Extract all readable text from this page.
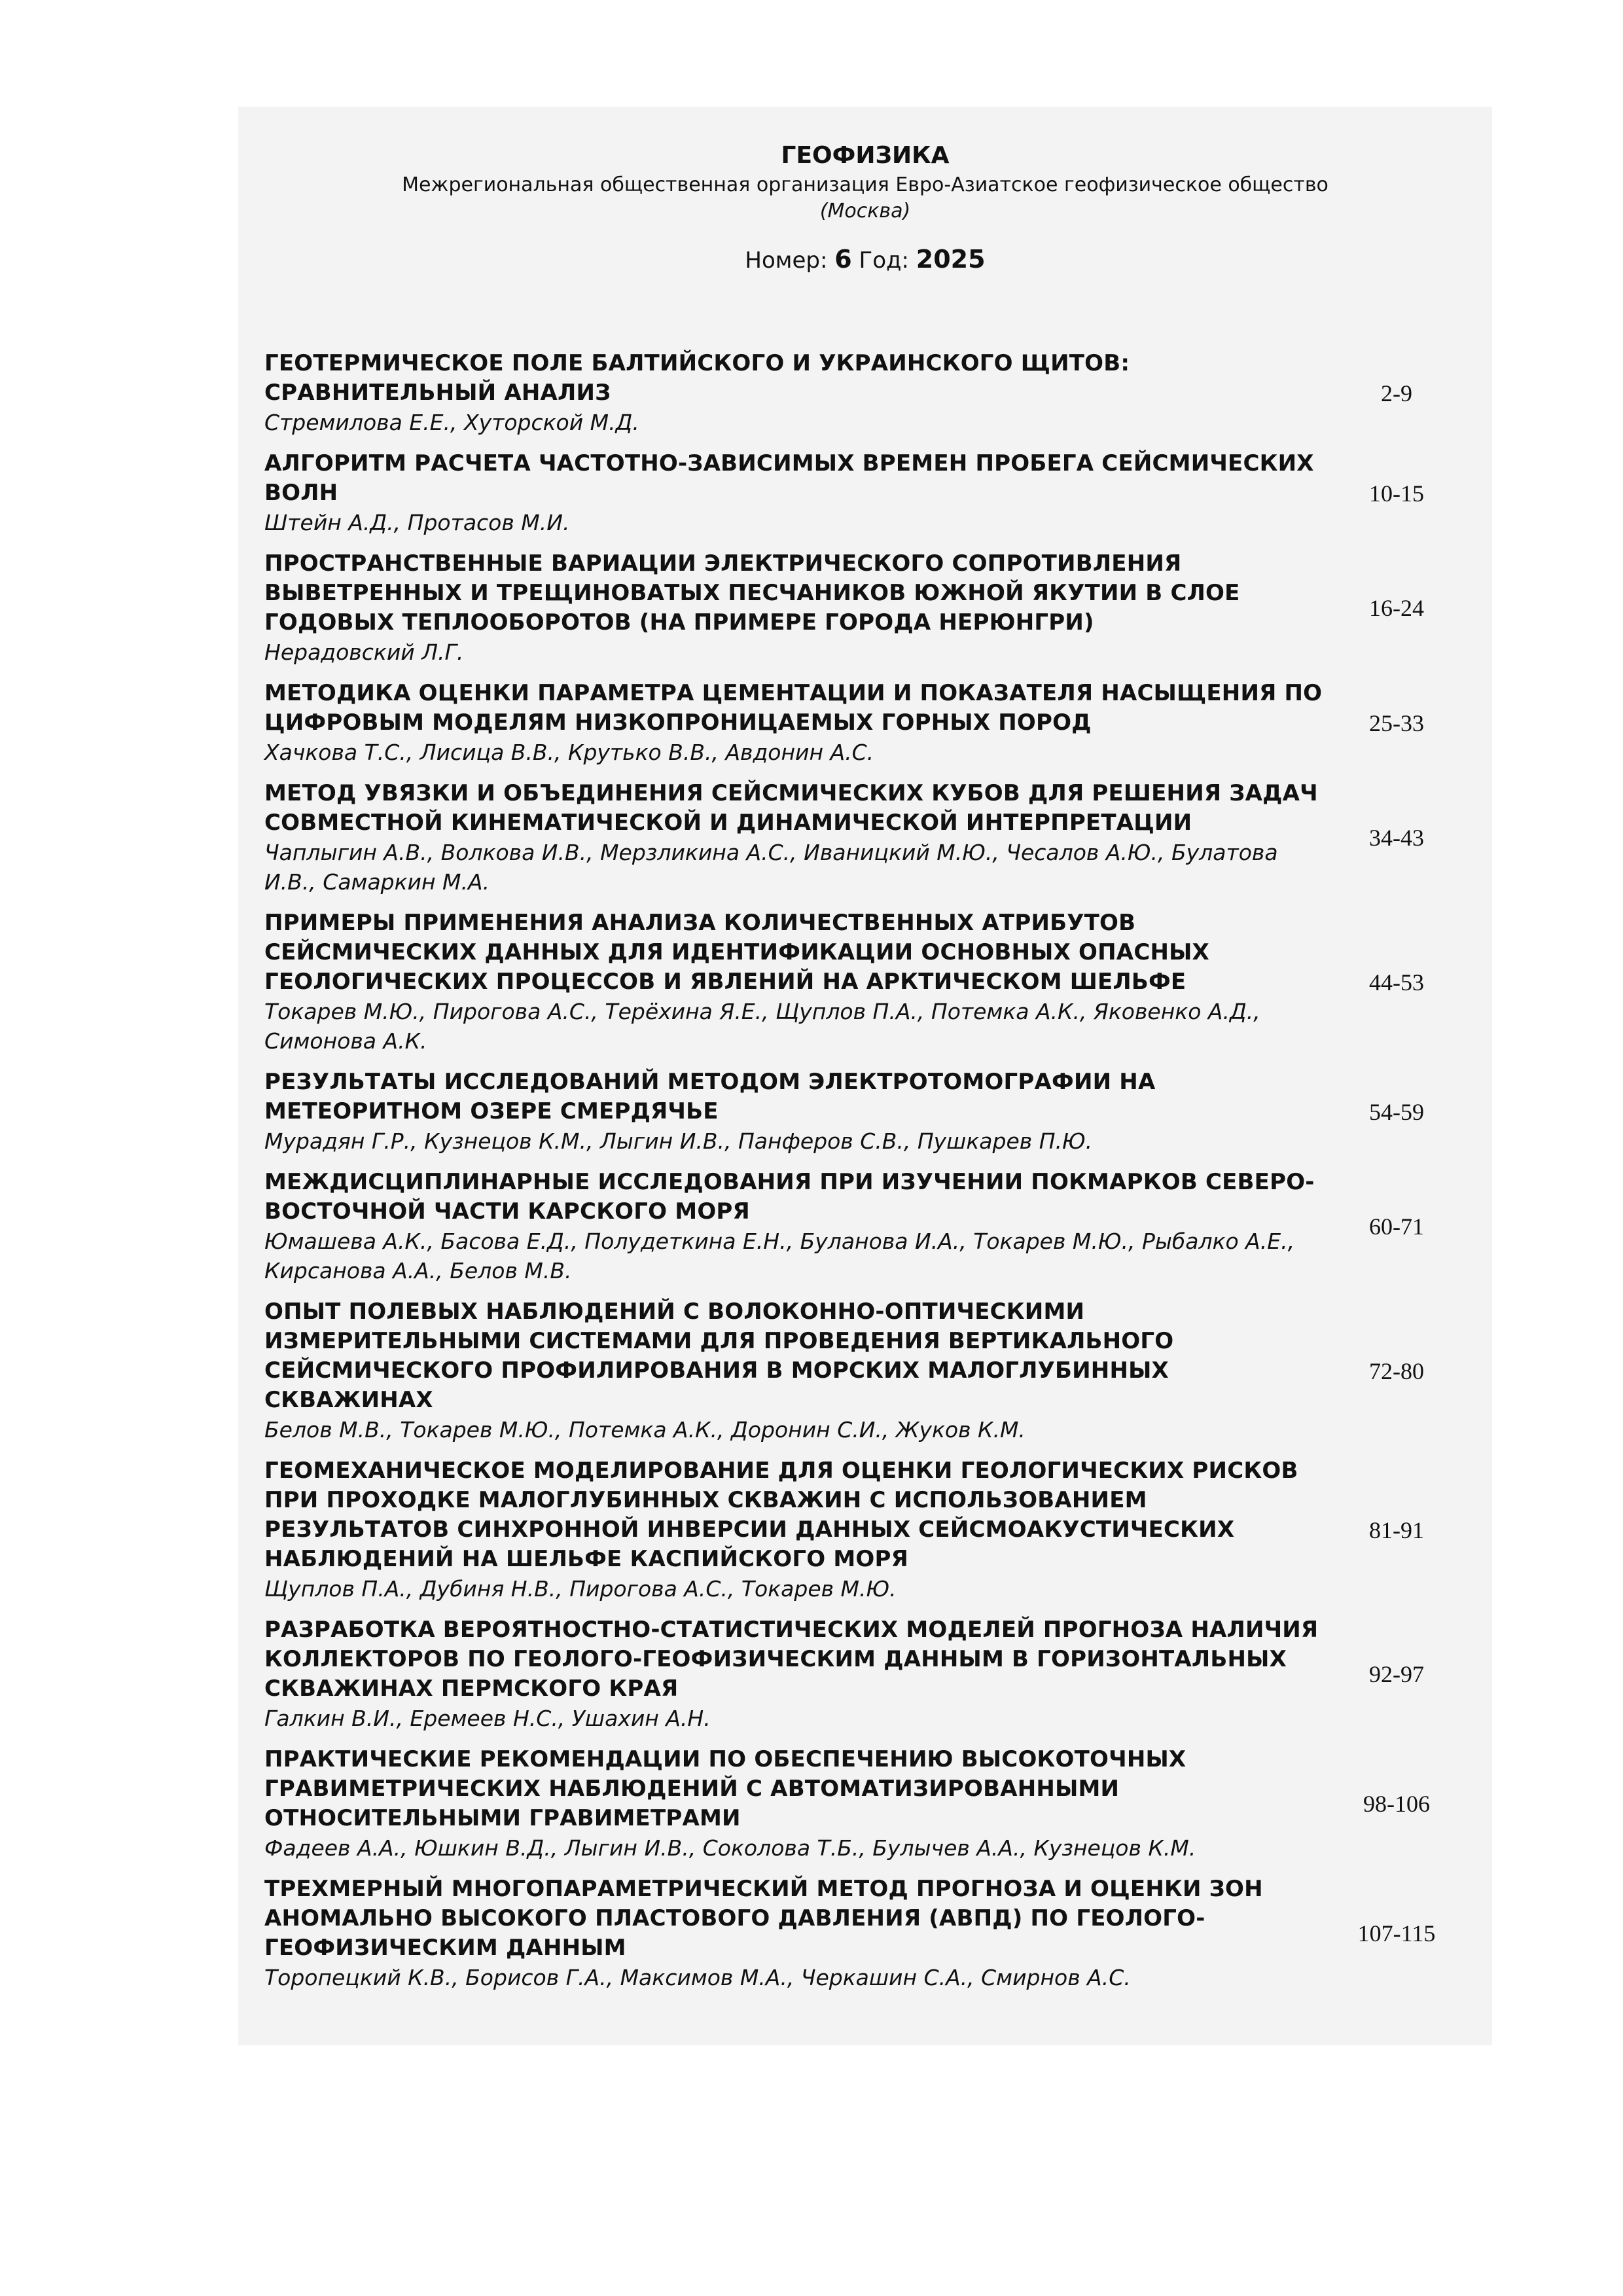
ГЕОФИЗИКА
Межрегиональная общественная организация Евро-Азиатское геофизическое общество
(Москва)
Номер: 6 Год: 2025
ГЕОТЕРМИЧЕСКОЕ ПОЛЕ БАЛТИЙСКОГО И УКРАИНСКОГО ЩИТОВ: СРАВНИТЕЛЬНЫЙ АНАЛИЗ
Стремилова Е.Е., Хуторской М.Д.
2-9
АЛГОРИТМ РАСЧЕТА ЧАСТОТНО-ЗАВИСИМЫХ ВРЕМЕН ПРОБЕГА СЕЙСМИЧЕСКИХ ВОЛН
Штейн А.Д., Протасов М.И.
10-15
ПРОСТРАНСТВЕННЫЕ ВАРИАЦИИ ЭЛЕКТРИЧЕСКОГО СОПРОТИВЛЕНИЯ ВЫВЕТРЕННЫХ И ТРЕЩИНОВАТЫХ ПЕСЧАНИКОВ ЮЖНОЙ ЯКУТИИ В СЛОЕ ГОДОВЫХ ТЕПЛООБОРОТОВ (НА ПРИМЕРЕ ГОРОДА НЕРЮНГРИ)
Нерадовский Л.Г.
16-24
МЕТОДИКА ОЦЕНКИ ПАРАМЕТРА ЦЕМЕНТАЦИИ И ПОКАЗАТЕЛЯ НАСЫЩЕНИЯ ПО ЦИФРОВЫМ МОДЕЛЯМ НИЗКОПРОНИЦАЕМЫХ ГОРНЫХ ПОРОД
Хачкова Т.С., Лисица В.В., Крутько В.В., Авдонин А.С.
25-33
МЕТОД УВЯЗКИ И ОБЪЕДИНЕНИЯ СЕЙСМИЧЕСКИХ КУБОВ ДЛЯ РЕШЕНИЯ ЗАДАЧ СОВМЕСТНОЙ КИНЕМАТИЧЕСКОЙ И ДИНАМИЧЕСКОЙ ИНТЕРПРЕТАЦИИ
Чаплыгин А.В., Волкова И.В., Мерзликина А.С., Иваницкий М.Ю., Чесалов А.Ю., Булатова И.В., Самаркин М.А.
34-43
ПРИМЕРЫ ПРИМЕНЕНИЯ АНАЛИЗА КОЛИЧЕСТВЕННЫХ АТРИБУТОВ СЕЙСМИЧЕСКИХ ДАННЫХ ДЛЯ ИДЕНТИФИКАЦИИ ОСНОВНЫХ ОПАСНЫХ ГЕОЛОГИЧЕСКИХ ПРОЦЕССОВ И ЯВЛЕНИЙ НА АРКТИЧЕСКОМ ШЕЛЬФЕ
Токарев М.Ю., Пирогова А.С., Терёхина Я.Е., Щуплов П.А., Потемка А.К., Яковенко А.Д., Симонова А.К.
44-53
РЕЗУЛЬТАТЫ ИССЛЕДОВАНИЙ МЕТОДОМ ЭЛЕКТРОТОМОГРАФИИ НА МЕТЕОРИТНОМ ОЗЕРЕ СМЕРДЯЧЬЕ
Мурадян Г.Р., Кузнецов К.М., Лыгин И.В., Панферов С.В., Пушкарев П.Ю.
54-59
МЕЖДИСЦИПЛИНАРНЫЕ ИССЛЕДОВАНИЯ ПРИ ИЗУЧЕНИИ ПОКМАРКОВ СЕВЕРО-ВОСТОЧНОЙ ЧАСТИ КАРСКОГО МОРЯ
Юмашева А.К., Басова Е.Д., Полудеткина Е.Н., Буланова И.А., Токарев М.Ю., Рыбалко А.Е., Кирсанова А.А., Белов М.В.
60-71
ОПЫТ ПОЛЕВЫХ НАБЛЮДЕНИЙ С ВОЛОКОННО-ОПТИЧЕСКИМИ ИЗМЕРИТЕЛЬНЫМИ СИСТЕМАМИ ДЛЯ ПРОВЕДЕНИЯ ВЕРТИКАЛЬНОГО СЕЙСМИЧЕСКОГО ПРОФИЛИРОВАНИЯ В МОРСКИХ МАЛОГЛУБИННЫХ СКВАЖИНАХ
Белов М.В., Токарев М.Ю., Потемка А.К., Доронин С.И., Жуков К.М.
72-80
ГЕОМЕХАНИЧЕСКОЕ МОДЕЛИРОВАНИЕ ДЛЯ ОЦЕНКИ ГЕОЛОГИЧЕСКИХ РИСКОВ ПРИ ПРОХОДКЕ МАЛОГЛУБИННЫХ СКВАЖИН С ИСПОЛЬЗОВАНИЕМ РЕЗУЛЬТАТОВ СИНХРОННОЙ ИНВЕРСИИ ДАННЫХ СЕЙСМОАКУСТИЧЕСКИХ НАБЛЮДЕНИЙ НА ШЕЛЬФЕ КАСПИЙСКОГО МОРЯ
Щуплов П.А., Дубиня Н.В., Пирогова А.С., Токарев М.Ю.
81-91
РАЗРАБОТКА ВЕРОЯТНОСТНО-СТАТИСТИЧЕСКИХ МОДЕЛЕЙ ПРОГНОЗА НАЛИЧИЯ КОЛЛЕКТОРОВ ПО ГЕОЛОГО-ГЕОФИЗИЧЕСКИМ ДАННЫМ В ГОРИЗОНТАЛЬНЫХ СКВАЖИНАХ ПЕРМСКОГО КРАЯ
Галкин В.И., Еремеев Н.С., Ушахин А.Н.
92-97
ПРАКТИЧЕСКИЕ РЕКОМЕНДАЦИИ ПО ОБЕСПЕЧЕНИЮ ВЫСОКОТОЧНЫХ ГРАВИМЕТРИЧЕСКИХ НАБЛЮДЕНИЙ С АВТОМАТИЗИРОВАННЫМИ ОТНОСИТЕЛЬНЫМИ ГРАВИМЕТРАМИ
Фадеев А.А., Юшкин В.Д., Лыгин И.В., Соколова Т.Б., Булычев А.А., Кузнецов К.М.
98-106
ТРЕХМЕРНЫЙ МНОГОПАРАМЕТРИЧЕСКИЙ МЕТОД ПРОГНОЗА И ОЦЕНКИ ЗОН АНОМАЛЬНО ВЫСОКОГО ПЛАСТОВОГО ДАВЛЕНИЯ (АВПД) ПО ГЕОЛОГО-ГЕОФИЗИЧЕСКИМ ДАННЫМ
Торопецкий К.В., Борисов Г.А., Максимов М.А., Черкашин С.А., Смирнов А.С.
107-115
